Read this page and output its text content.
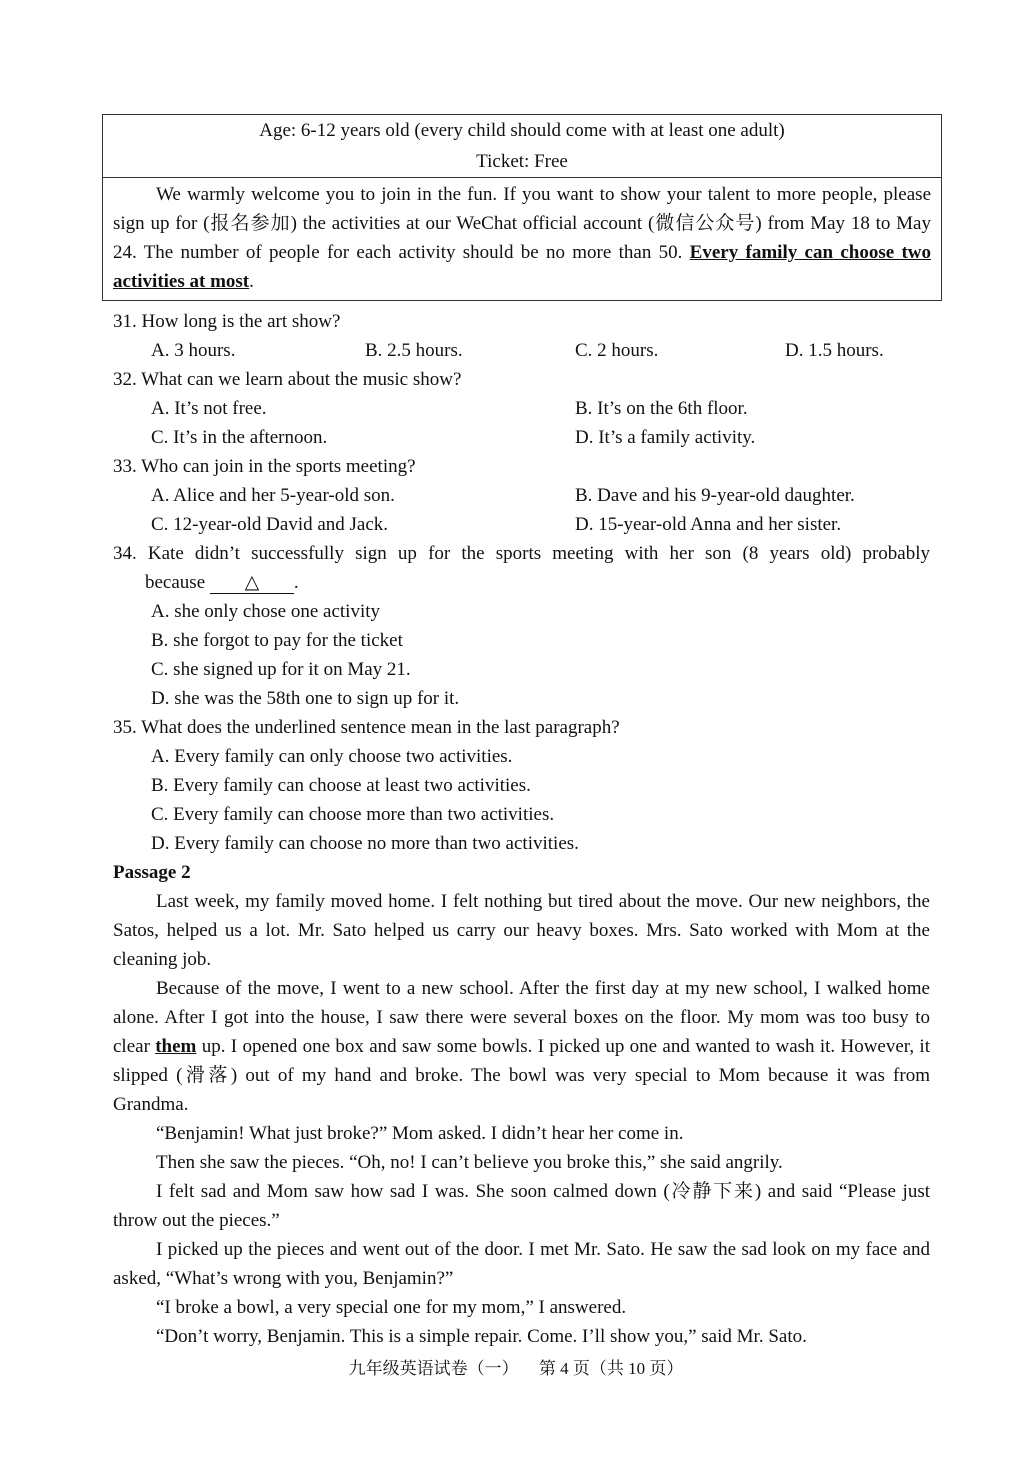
Age: 6-12 years old (every child should come with at least one adult)
Ticket: Free
We warmly welcome you to join in the fun. If you want to show your talent to more people, please sign up for (报名参加) the activities at our WeChat official account (微信公众号) from May 18 to May 24. The number of people for each activity should be no more than 50. Every family can choose two activities at most.
31. How long is the art show?
A. 3 hours.	B. 2.5 hours.	C. 2 hours.	D. 1.5 hours.
32. What can we learn about the music show?
A. It’s not free.	B. It’s on the 6th floor.
C. It’s in the afternoon.	D. It’s a family activity.
33. Who can join in the sports meeting?
A. Alice and her 5-year-old son.	B. Dave and his 9-year-old daughter.
C. 12-year-old David and Jack.	D. 15-year-old Anna and her sister.
34. Kate didn’t successfully sign up for the sports meeting with her son (8 years old) probably
because △ .
A. she only chose one activity
B. she forgot to pay for the ticket
C. she signed up for it on May 21.
D. she was the 58th one to sign up for it.
35. What does the underlined sentence mean in the last paragraph?
A. Every family can only choose two activities.
B. Every family can choose at least two activities.
C. Every family can choose more than two activities.
D. Every family can choose no more than two activities.
Passage 2
Last week, my family moved home. I felt nothing but tired about the move. Our new neighbors, the Satos, helped us a lot. Mr. Sato helped us carry our heavy boxes. Mrs. Sato worked with Mom at the cleaning job.
Because of the move, I went to a new school. After the first day at my new school, I walked home alone. After I got into the house, I saw there were several boxes on the floor. My mom was too busy to clear them up. I opened one box and saw some bowls. I picked up one and wanted to wash it. However, it slipped (滑落) out of my hand and broke. The bowl was very special to Mom because it was from Grandma.
“Benjamin! What just broke?” Mom asked. I didn’t hear her come in.
Then she saw the pieces. “Oh, no! I can’t believe you broke this,” she said angrily.
I felt sad and Mom saw how sad I was. She soon calmed down (冷静下来) and said “Please just throw out the pieces.”
I picked up the pieces and went out of the door. I met Mr. Sato. He saw the sad look on my face and asked, “What’s wrong with you, Benjamin?”
“I broke a bowl, a very special one for my mom,” I answered.
“Don’t worry, Benjamin. This is a simple repair. Come. I’ll show you,” said Mr. Sato.
九年级英语试卷（一） 第 4 页（共 10 页）
